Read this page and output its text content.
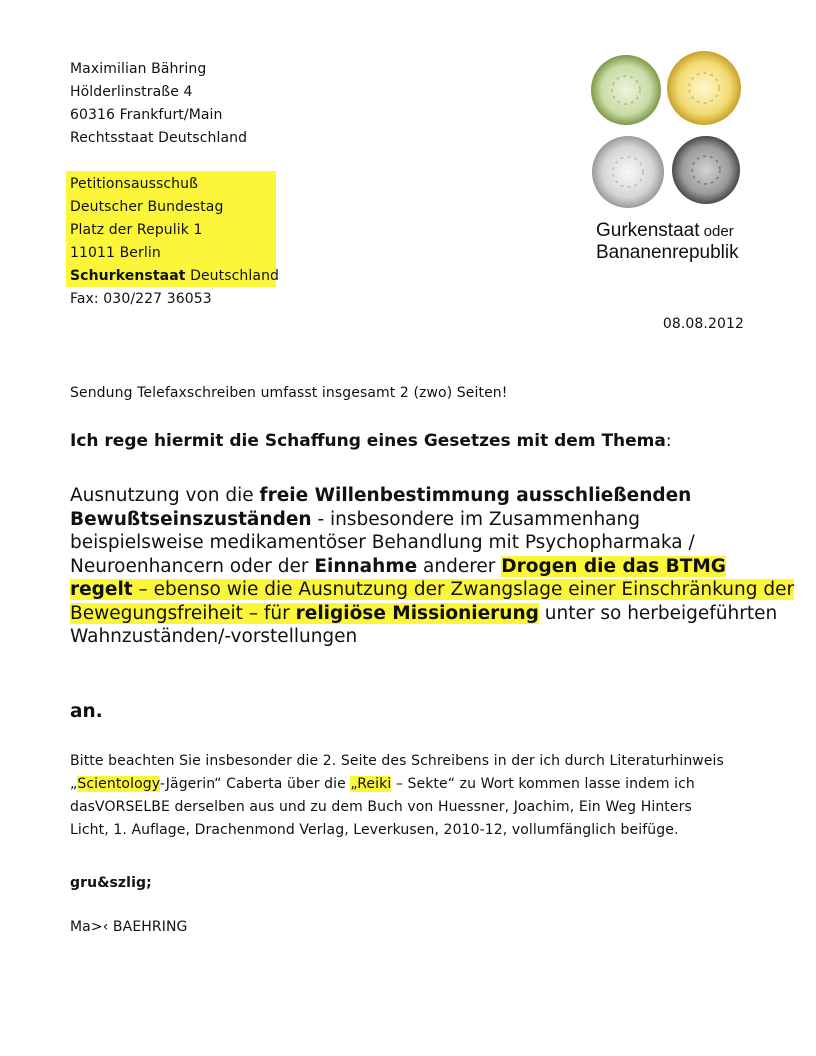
Maximilian Bähring
Hölderlinstraße 4
60316 Frankfurt/Main
Rechtsstaat Deutschland
Petitionsausschuß
Deutscher Bundestag
Platz der Repulik 1
11011 Berlin
Schurkenstaat Deutschland
Fax: 030/227 36053
Gurkenstaat oder
Bananenrepublik
08.08.2012
Sendung Telefaxschreiben umfasst insgesamt 2 (zwo) Seiten!
Ich rege hiermit die Schaffung eines Gesetzes mit dem Thema:

Ausnutzung von die freie Willenbestimmung ausschließenden

Bewußtseinszuständen - insbesondere im Zusammenhang

beispielsweise medikamentöser Behandlung mit Psychopharmaka /

Neuroenhancern oder der Einnahme anderer Drogen die das BTMG

regelt – ebenso wie die Ausnutzung der Zwangslage einer Einschränkung der

Bewegungsfreiheit – für religiöse Missionierung unter so herbeigeführten

Wahnzuständen/-vorstellungen

an.

Bitte beachten Sie insbesonder die 2. Seite des Schreibens in der ich durch Literaturhinweis

„Scientology-Jägerin“ Caberta über die „Reiki – Sekte“ zu Wort kommen lasse indem ich

dasVORSELBE derselben aus und zu dem Buch von Huessner, Joachim, Ein Weg Hinters

Licht, 1. Auflage, Drachenmond Verlag, Leverkusen, 2010-12, vollumfänglich beifüge.

gru&szlig;
Ma>‹ BAEHRING
